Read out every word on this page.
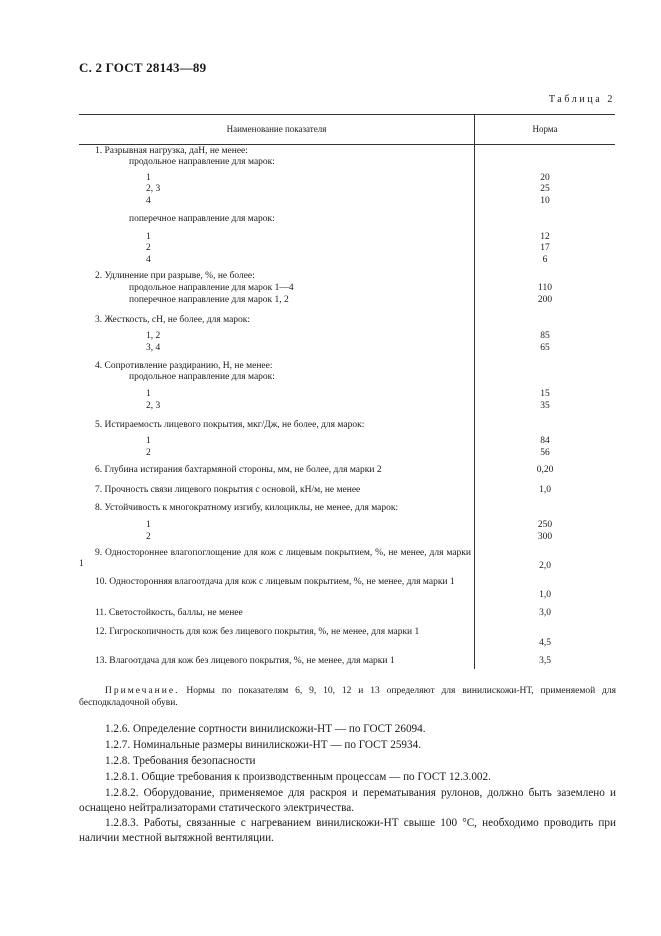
С. 2 ГОСТ 28143—89
Таблица 2
Наименование показателя	Норма
1. Разрывная нагрузка, даН, не менее:
продольное направление для марок:
1	20
2, 3	25
4	10
поперечное направление для марок:
1	12
2	17
4	6
2. Удлинение при разрыве, %, не более:
продольное направление для марок 1—4	110
поперечное направление для марок 1, 2	200
3. Жесткость, сН, не более, для марок:
1, 2	85
3, 4	65
4. Сопротивление раздиранию, Н, не менее:
продольное направление для марок:
1	15
2, 3	35
5. Истираемость лицевого покрытия, мкг/Дж, не более, для марок:
1	84
2	56
6. Глубина истирания бахтармяной стороны, мм, не более, для марки 2	0,20
7. Прочность связи лицевого покрытия с основой, кН/м, не менее	1,0
8. Устойчивость к многократному изгибу, килоциклы, не менее, для марок:
1	250
2	300
9. Одностороннее влагопоглощение для кож с лицевым покрытием, %, не менее, для марки 1	2,0
10. Односторонняя влагоотдача для кож с лицевым покрытием, %, не менее, для марки 1
1,0
11. Светостойкость, баллы, не менее	3,0
12. Гигроскопичность для кож без лицевого покрытия, %, не менее, для марки 1
4,5
13. Влагоотдача для кож без лицевого покрытия, %, не менее, для марки 1	3,5
Примечание. Нормы по показателям 6, 9, 10, 12 и 13 определяют для винилискожи-НТ, применяемой для бесподкладочной обуви.
1.2.6. Определение сортности винилискожи-НТ — по ГОСТ 26094.
1.2.7. Номинальные размеры винилискожи-НТ — по ГОСТ 25934.
1.2.8. Требования безопасности
1.2.8.1. Общие требования к производственным процессам — по ГОСТ 12.3.002.
1.2.8.2. Оборудование, применяемое для раскроя и перематывания рулонов, должно быть заземлено и оснащено нейтрализаторами статического электричества.
1.2.8.3. Работы, связанные с нагреванием винилискожи-НТ свыше 100 °С, необходимо проводить при наличии местной вытяжной вентиляции.
